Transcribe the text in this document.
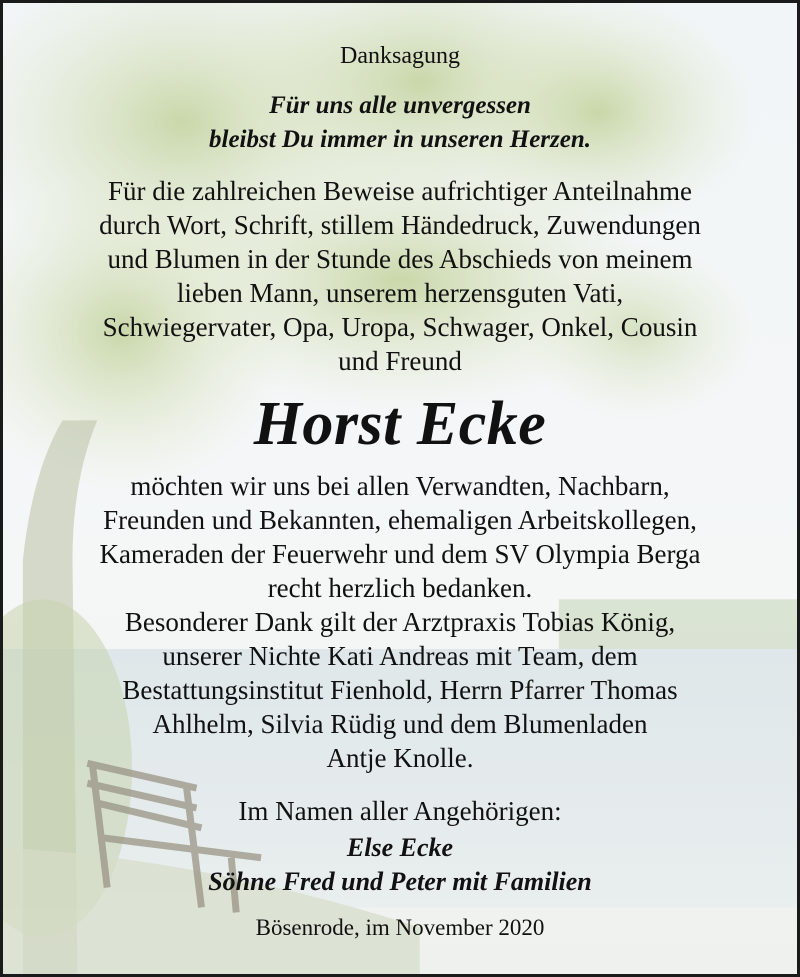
Danksagung
Für uns alle unvergessen
bleibst Du immer in unseren Herzen.
Für die zahlreichen Beweise aufrichtiger Anteilnahme
durch Wort, Schrift, stillem Händedruck, Zuwendungen
und Blumen in der Stunde des Abschieds von meinem
lieben Mann, unserem herzensguten Vati,
Schwiegervater, Opa, Uropa, Schwager, Onkel, Cousin
und Freund
Horst Ecke
möchten wir uns bei allen Verwandten, Nachbarn,
Freunden und Bekannten, ehemaligen Arbeitskollegen,
Kameraden der Feuerwehr und dem SV Olympia Berga
recht herzlich bedanken.
Besonderer Dank gilt der Arztpraxis Tobias König,
unserer Nichte Kati Andreas mit Team, dem
Bestattungsinstitut Fienhold, Herrn Pfarrer Thomas
Ahlhelm, Silvia Rüdig und dem Blumenladen
Antje Knolle.
Im Namen aller Angehörigen:
Else Ecke
Söhne Fred und Peter mit Familien
Bösenrode, im November 2020
